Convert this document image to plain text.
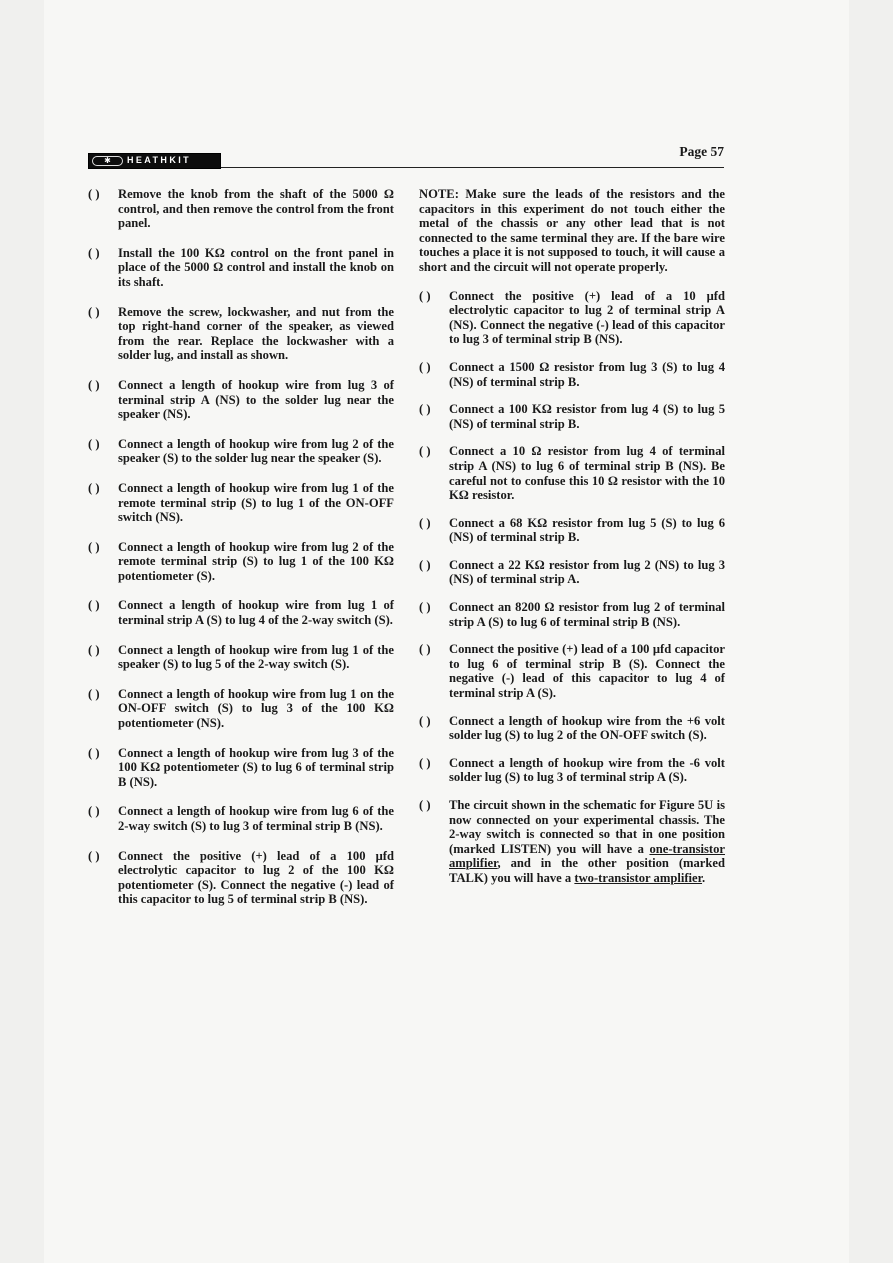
✱	HEATHKIT
Page 57
( ) Remove the knob from the shaft of the 5000 Ω control, and then remove the control from the front panel.
( ) Install the 100 KΩ control on the front panel in place of the 5000 Ω control and install the knob on its shaft.
( ) Remove the screw, lockwasher, and nut from the top right-hand corner of the speaker, as viewed from the rear. Replace the lockwasher with a solder lug, and install as shown.
( ) Connect a length of hookup wire from lug 3 of terminal strip A (NS) to the solder lug near the speaker (NS).
( ) Connect a length of hookup wire from lug 2 of the speaker (S) to the solder lug near the speaker (S).
( ) Connect a length of hookup wire from lug 1 of the remote terminal strip (S) to lug 1 of the ON-OFF switch (NS).
( ) Connect a length of hookup wire from lug 2 of the remote terminal strip (S) to lug 1 of the 100 KΩ potentiometer (S).
( ) Connect a length of hookup wire from lug 1 of terminal strip A (S) to lug 4 of the 2-way switch (S).
( ) Connect a length of hookup wire from lug 1 of the speaker (S) to lug 5 of the 2-way switch (S).
( ) Connect a length of hookup wire from lug 1 on the ON-OFF switch (S) to lug 3 of the 100 KΩ potentiometer (NS).
( ) Connect a length of hookup wire from lug 3 of the 100 KΩ potentiometer (S) to lug 6 of terminal strip B (NS).
( ) Connect a length of hookup wire from lug 6 of the 2-way switch (S) to lug 3 of terminal strip B (NS).
( ) Connect the positive (+) lead of a 100 μfd electrolytic capacitor to lug 2 of the 100 KΩ potentiometer (S). Connect the negative (-) lead of this capacitor to lug 5 of terminal strip B (NS).
NOTE: Make sure the leads of the resistors and the capacitors in this experiment do not touch either the metal of the chassis or any other lead that is not connected to the same terminal they are. If the bare wire touches a place it is not supposed to touch, it will cause a short and the circuit will not operate properly.
( ) Connect the positive (+) lead of a 10 μfd electrolytic capacitor to lug 2 of terminal strip A (NS). Connect the negative (-) lead of this capacitor to lug 3 of terminal strip B (NS).
( ) Connect a 1500 Ω resistor from lug 3 (S) to lug 4 (NS) of terminal strip B.
( ) Connect a 100 KΩ resistor from lug 4 (S) to lug 5 (NS) of terminal strip B.
( ) Connect a 10 Ω resistor from lug 4 of terminal strip A (NS) to lug 6 of terminal strip B (NS). Be careful not to confuse this 10 Ω resistor with the 10 KΩ resistor.
( ) Connect a 68 KΩ resistor from lug 5 (S) to lug 6 (NS) of terminal strip B.
( ) Connect a 22 KΩ resistor from lug 2 (NS) to lug 3 (NS) of terminal strip A.
( ) Connect an 8200 Ω resistor from lug 2 of terminal strip A (S) to lug 6 of terminal strip B (NS).
( ) Connect the positive (+) lead of a 100 μfd capacitor to lug 6 of terminal strip B (S). Connect the negative (-) lead of this capacitor to lug 4 of terminal strip A (S).
( ) Connect a length of hookup wire from the +6 volt solder lug (S) to lug 2 of the ON-OFF switch (S).
( ) Connect a length of hookup wire from the -6 volt solder lug (S) to lug 3 of terminal strip A (S).
( ) The circuit shown in the schematic for Figure 5U is now connected on your experimental chassis. The 2-way switch is connected so that in one position (marked LISTEN) you will have a one-transistor amplifier, and in the other position (marked TALK) you will have a two-transistor amplifier.
